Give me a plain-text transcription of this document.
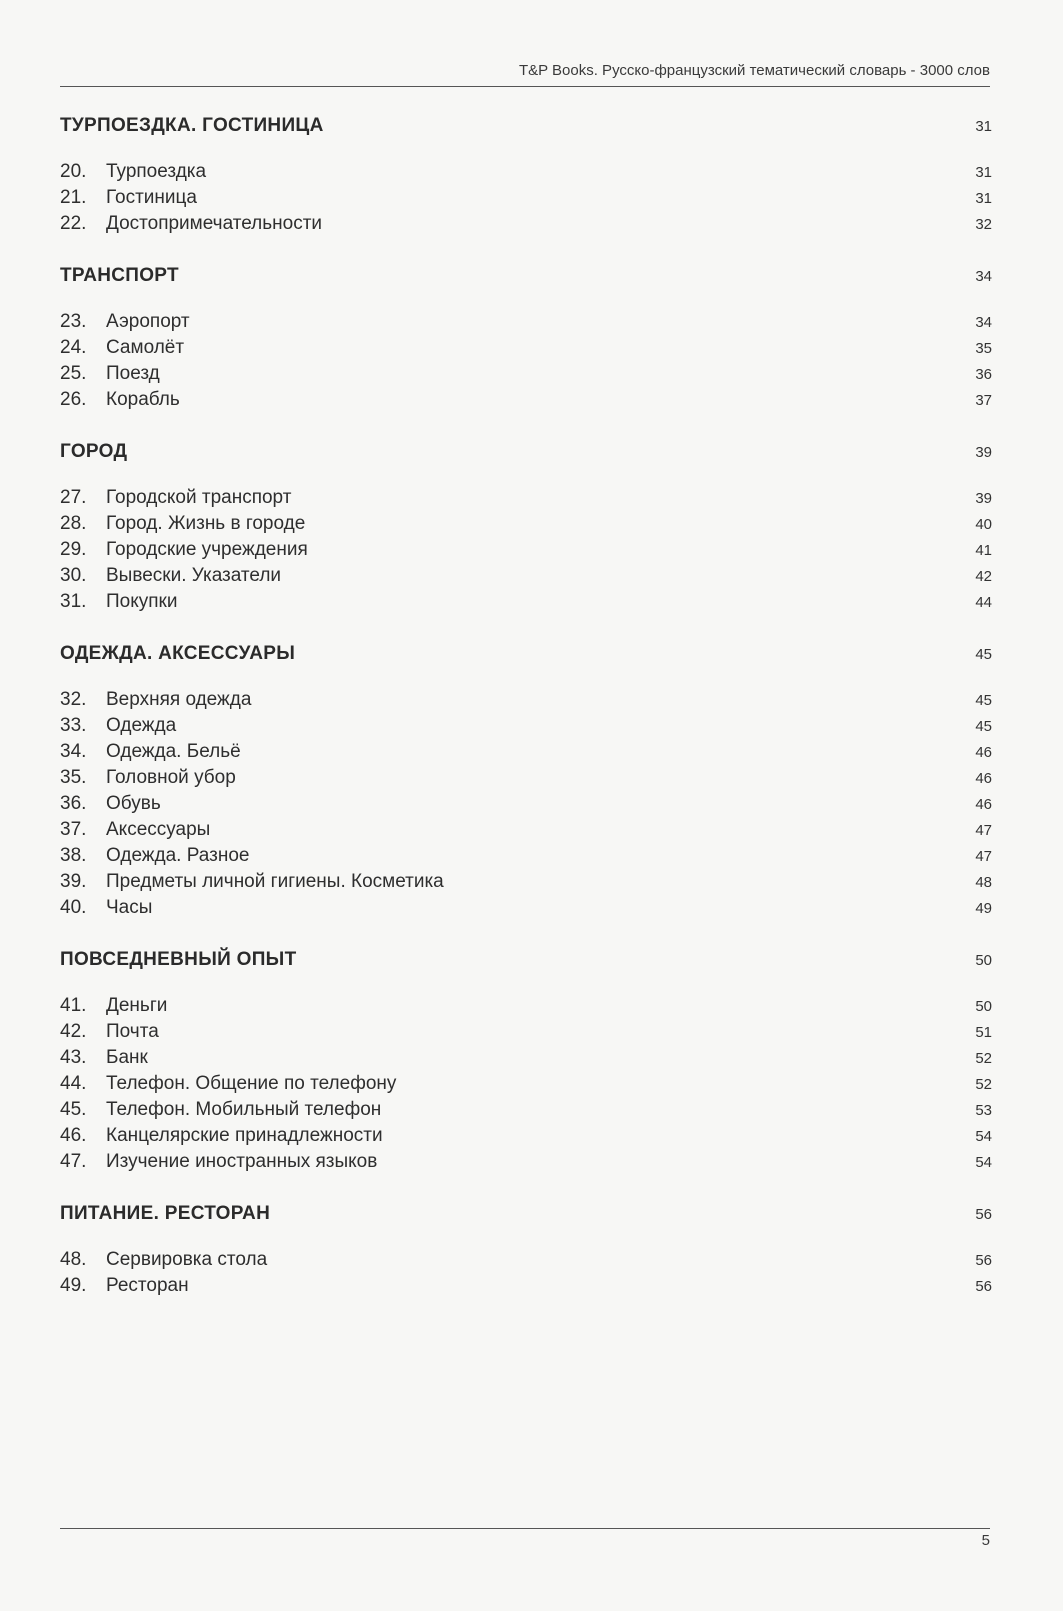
T&P Books. Русско-французский тематический словарь - 3000 слов
ТУРПОЕЗДКА. ГОСТИНИЦА	31
20.	Турпоездка	31
21.	Гостиница	31
22.	Достопримечательности	32
ТРАНСПОРТ	34
23.	Аэропорт	34
24.	Самолёт	35
25.	Поезд	36
26.	Корабль	37
ГОРОД	39
27.	Городской транспорт	39
28.	Город. Жизнь в городе	40
29.	Городские учреждения	41
30.	Вывески. Указатели	42
31.	Покупки	44
ОДЕЖДА. АКСЕССУАРЫ	45
32.	Верхняя одежда	45
33.	Одежда	45
34.	Одежда. Бельё	46
35.	Головной убор	46
36.	Обувь	46
37.	Аксессуары	47
38.	Одежда. Разное	47
39.	Предметы личной гигиены. Косметика	48
40.	Часы	49
ПОВСЕДНЕВНЫЙ ОПЫТ	50
41.	Деньги	50
42.	Почта	51
43.	Банк	52
44.	Телефон. Общение по телефону	52
45.	Телефон. Мобильный телефон	53
46.	Канцелярские принадлежности	54
47.	Изучение иностранных языков	54
ПИТАНИЕ. РЕСТОРАН	56
48.	Сервировка стола	56
49.	Ресторан	56
5
